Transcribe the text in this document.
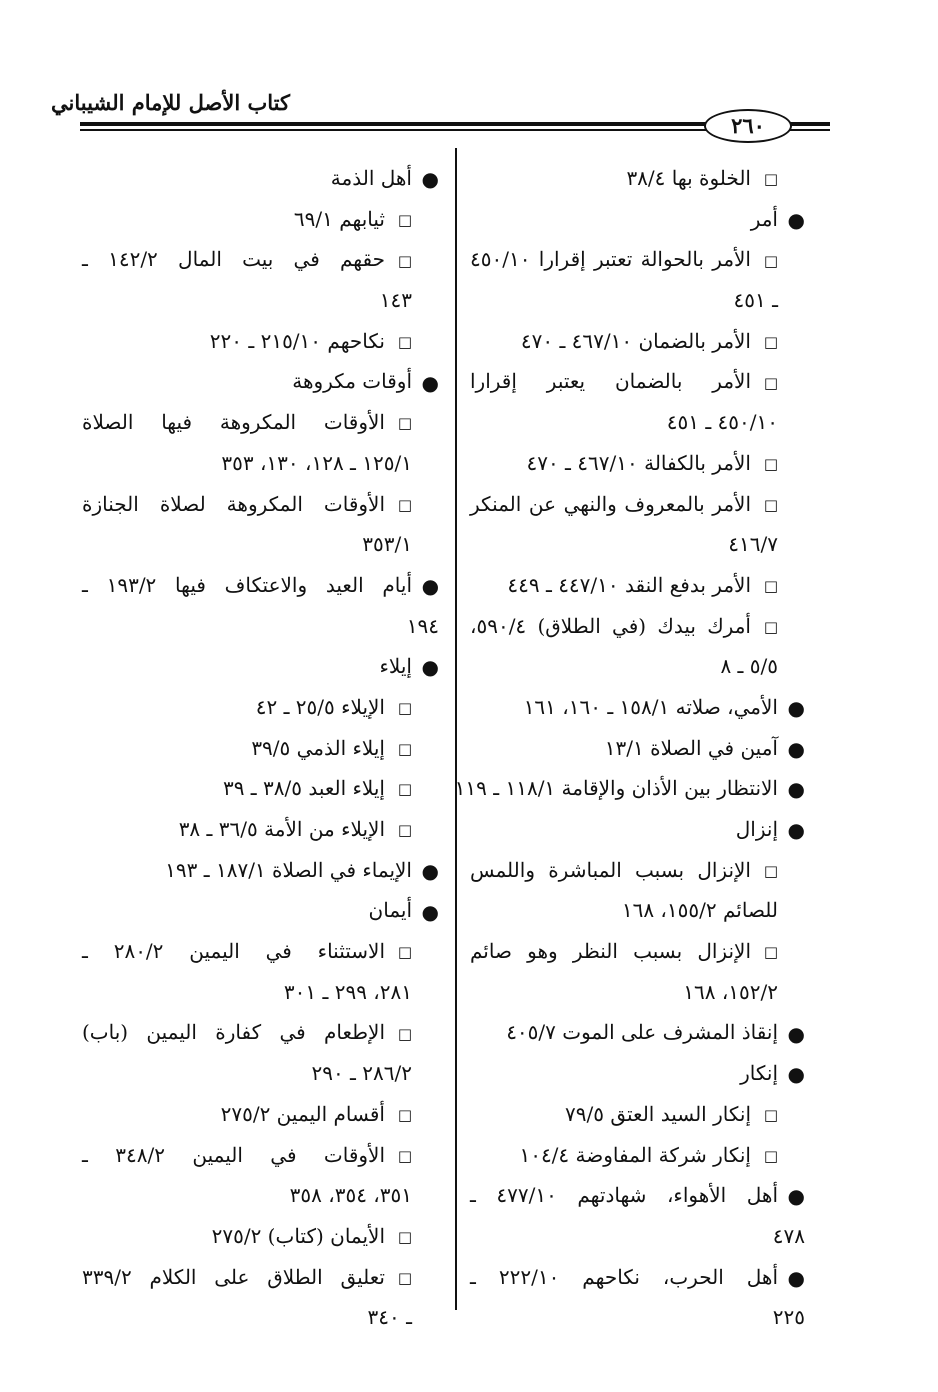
كتاب الأصل للإمام الشيباني
٢٦٠
□الخلوة بها ٣٨/٤
●أمر
□الأمر بالحوالة تعتبر إقرارا ٤٥٠/١٠
ـ ٤٥١
□الأمر بالضمان ٤٦٧/١٠ ـ ٤٧٠
□الأمر بالضمان يعتبر إقرارا
٤٥٠/١٠ ـ ٤٥١
□الأمر بالكفالة ٤٦٧/١٠ ـ ٤٧٠
□الأمر بالمعروف والنهي عن المنكر
٤١٦/٧
□الأمر بدفع النقد ٤٤٧/١٠ ـ ٤٤٩
□أمرك بيدك (في الطلاق) ٥٩٠/٤،
٥/٥ ـ ٨
●الأمي، صلاته ١٥٨/١ ـ ١٦٠، ١٦١
●آمين في الصلاة ١٣/١
●الانتظار بين الأذان والإقامة ١١٨/١ ـ ١١٩
●إنزال
□الإنزال بسبب المباشرة واللمس
للصائم ١٥٥/٢، ١٦٨
□الإنزال بسبب النظر وهو صائم
١٥٢/٢، ١٦٨
●إنقاذ المشرف على الموت ٤٠٥/٧
●إنكار
□إنكار السيد العتق ٧٩/٥
□إنكار شركة المفاوضة ١٠٤/٤
●أهل الأهواء، شهادتهم ٤٧٧/١٠ ـ
٤٧٨
●أهل الحرب، نكاحهم ٢٢٢/١٠ ـ
٢٢٥
●أهل الذمة
□ثيابهم ٦٩/١
□حقهم في بيت المال ١٤٢/٢ ـ
١٤٣
□نكاحهم ٢١٥/١٠ ـ ٢٢٠
●أوقات مكروهة
□الأوقات المكروهة فيها الصلاة
١٢٥/١ ـ ١٢٨، ١٣٠، ٣٥٣
□الأوقات المكروهة لصلاة الجنازة
٣٥٣/١
●أيام العيد والاعتكاف فيها ١٩٣/٢ ـ
١٩٤
●إيلاء
□الإيلاء ٢٥/٥ ـ ٤٢
□إيلاء الذمي ٣٩/٥
□إيلاء العبد ٣٨/٥ ـ ٣٩
□الإيلاء من الأمة ٣٦/٥ ـ ٣٨
●الإيماء في الصلاة ١٨٧/١ ـ ١٩٣
●أيمان
□الاستثناء في اليمين ٢٨٠/٢ ـ
٢٨١، ٢٩٩ ـ ٣٠١
□الإطعام في كفارة اليمين (باب)
٢٨٦/٢ ـ ٢٩٠
□أقسام اليمين ٢٧٥/٢
□الأوقات في اليمين ٣٤٨/٢ ـ
٣٥١، ٣٥٤، ٣٥٨
□الأيمان (كتاب) ٢٧٥/٢
□تعليق الطلاق على الكلام ٣٣٩/٢
ـ ٣٤٠
